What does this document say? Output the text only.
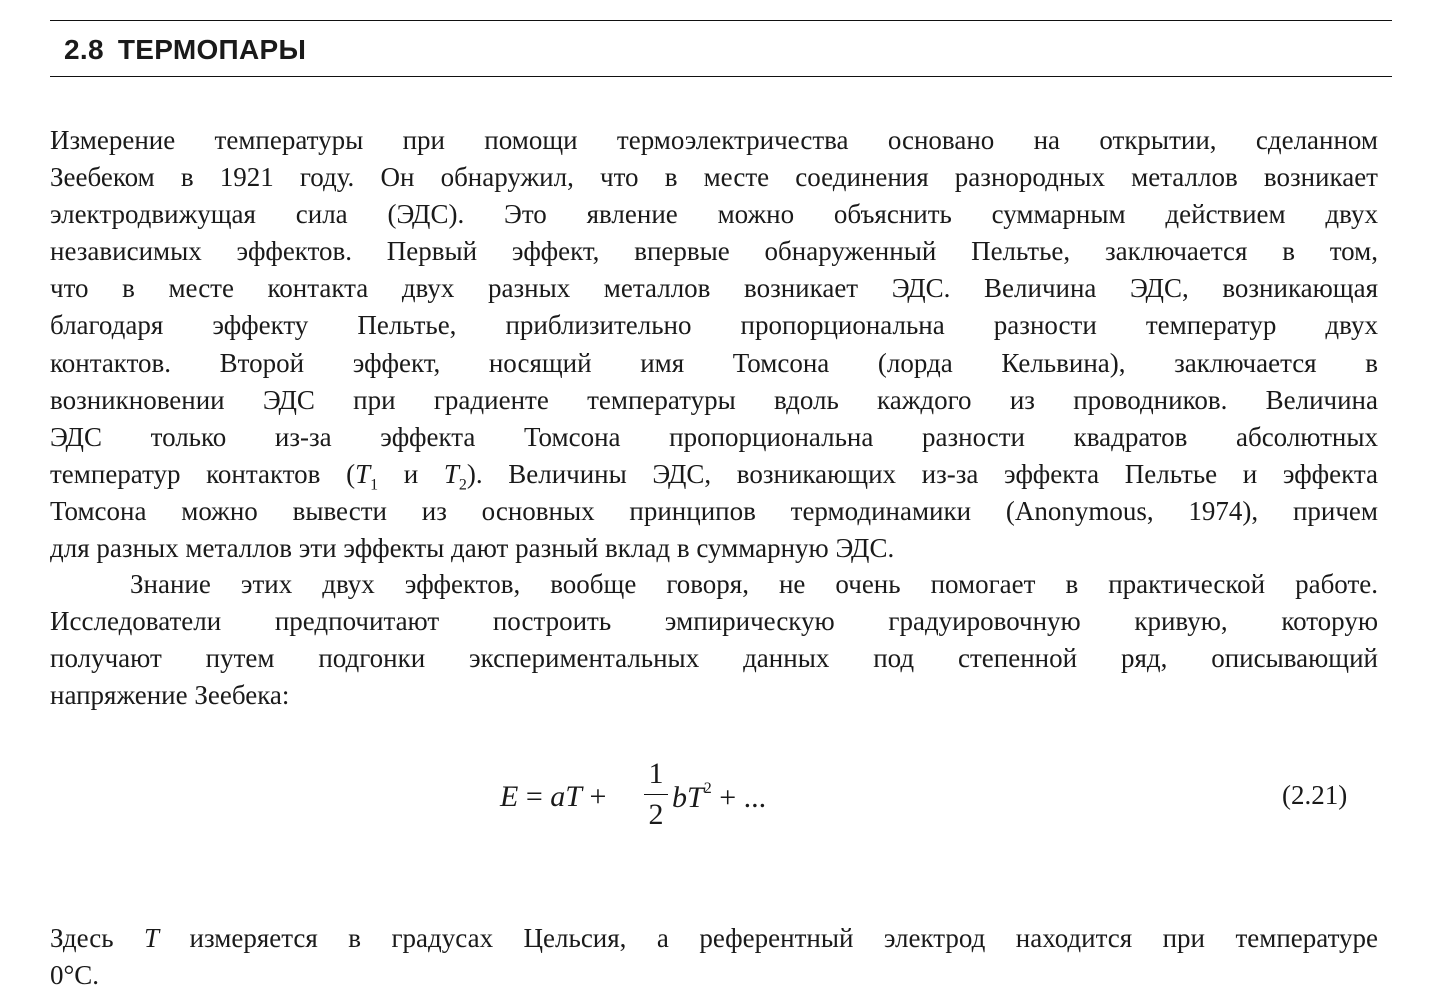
2.8 ТЕРМОПАРЫ
Измерение температуры при помощи термоэлектричества основано на открытии, сделанном
Зеебеком в 1921 году. Он обнаружил, что в месте соединения разнородных металлов возникает
электродвижущая сила (ЭДС). Это явление можно объяснить суммарным действием двух
независимых эффектов. Первый эффект, впервые обнаруженный Пельтье, заключается в том,
что в месте контакта двух разных металлов возникает ЭДС. Величина ЭДС, возникающая
благодаря эффекту Пельтье, приблизительно пропорциональна разности температур двух
контактов. Второй эффект, носящий имя Томсона (лорда Кельвина), заключается в
возникновении ЭДС при градиенте температуры вдоль каждого из проводников. Величина
ЭДС только из-за эффекта Томсона пропорциональна разности квадратов абсолютных
температур контактов ($T_1$ и $T_2$). Величины ЭДС, возникающих из-за эффекта Пельтье и эффекта
Томсона можно вывести из основных принципов термодинамики (Anonymous, 1974), причем
для разных металлов эти эффекты дают разный вклад в суммарную ЭДС.
Знание этих двух эффектов, вообще говоря, не очень помогает в практической работе.
Исследователи предпочитают построить эмпирическую градуировочную кривую, которую
получают путем подгонки экспериментальных данных под степенной ряд, описывающий
напряжение Зеебека:
E = aT +
1
2
$bT^2$ + ...	(2.21)
Здесь T измеряется в градусах Цельсия, а референтный электрод находится при температуре
0°С.
